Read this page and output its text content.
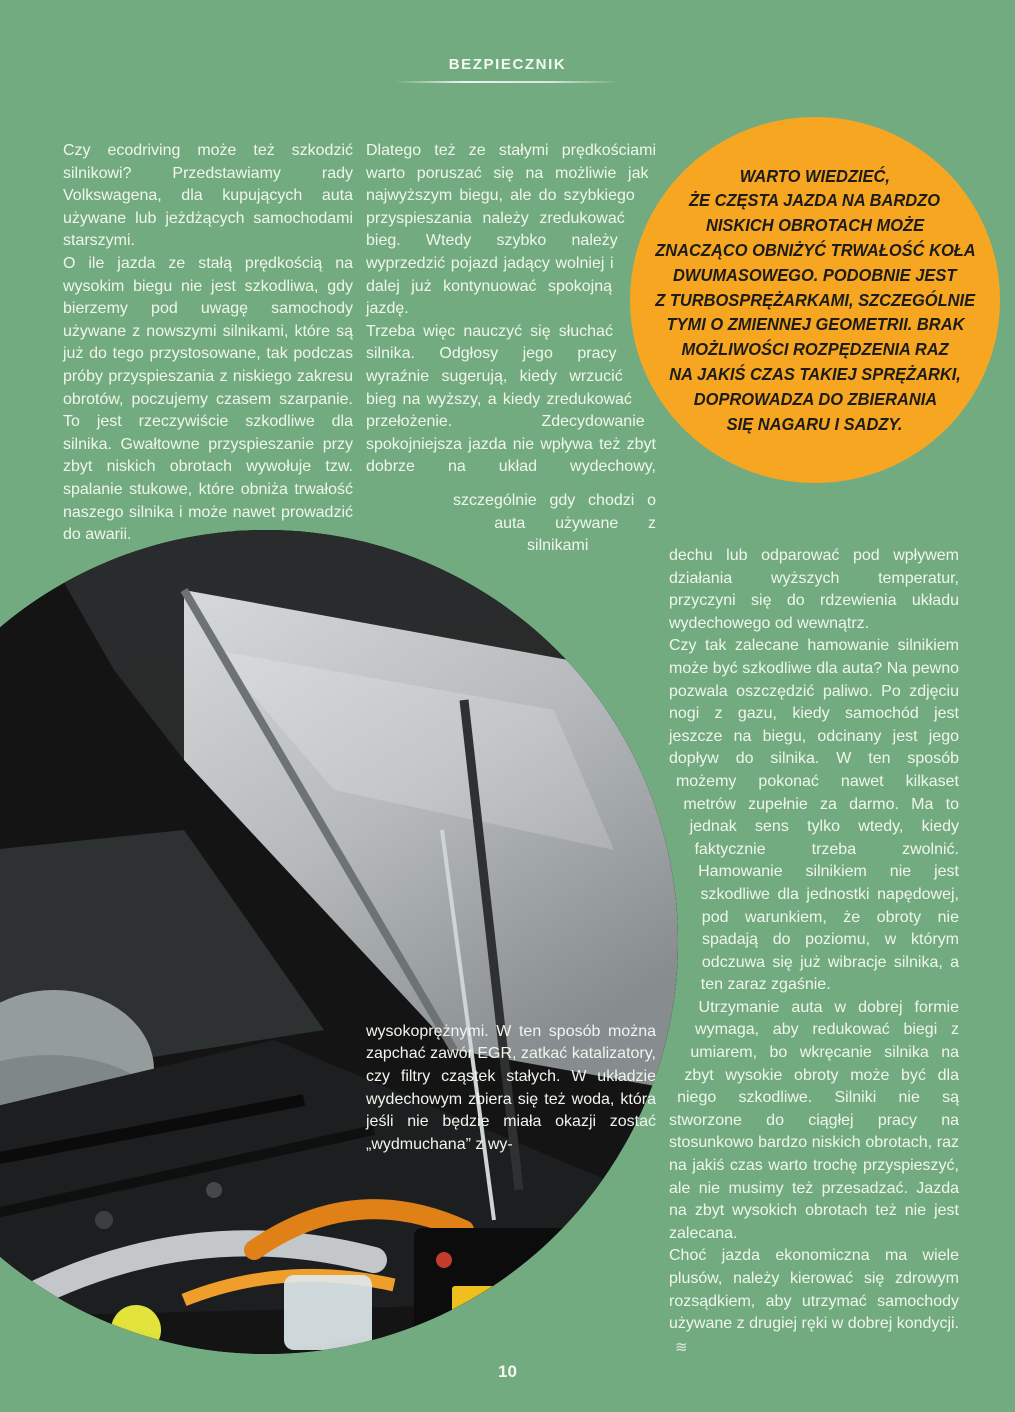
BEZPIECZNIK
WARTO WIEDZIEĆ,
ŻE CZĘSTA JAZDA NA BARDZO
NISKICH OBROTACH MOŻE
ZNACZĄCO OBNIŻYĆ TRWAŁOŚĆ KOŁA
DWUMASOWEGO. PODOBNIE JEST
Z TURBOSPRĘŻARKAMI, SZCZEGÓLNIE
TYMI O ZMIENNEJ GEOMETRII. BRAK
MOŻLIWOŚCI ROZPĘDZENIA RAZ
NA JAKIŚ CZAS TAKIEJ SPRĘŻARKI,
DOPROWADZA DO ZBIERANIA
SIĘ NAGARU I SADZY.

Czy ecodriving może też szkodzić silnikowi? Przedstawiamy rady Volkswagena, dla kupujących auta używane lub jeżdżących samochodami starszymi.

O ile jazda ze stałą prędkością na wysokim biegu nie jest szkodliwa, gdy bierzemy pod uwagę samochody używane z nowszymi silnikami, które są już do tego przystosowane, tak podczas próby przyspieszania z niskiego zakresu obrotów, poczujemy czasem szarpanie. To jest rzeczywiście szkodliwe dla silnika. Gwałtowne przyspieszanie przy zbyt niskich obrotach wywołuje tzw. spalanie stukowe, które obniża trwałość naszego silnika i może nawet prowadzić do awarii.

Dlatego też ze stałymi prędkościami warto poruszać się na możliwie jak najwyższym biegu, ale do szybkiego przyspieszania należy zredukować bieg. Wtedy szybko należy wyprzedzić pojazd jadący wolniej i dalej już kontynuować spokojną jazdę.

Trzeba więc nauczyć się słuchać silnika. Odgłosy jego pracy wyraźnie sugerują, kiedy wrzucić bieg na wyższy, a kiedy zredukować przełożenie. Zdecydowanie spokojniejsza jazda nie wpływa też zbyt dobrze na układ wydechowy, szczególnie gdy chodzi o auta używane z silnikami wysokoprężnymi. W ten sposób można zapchać zawór EGR, zatkać katalizatory, czy filtry cząstek stałych. W układzie wydechowym zbiera się też woda, która jeśli nie będzie miała okazji zostać „wydmuchana” z wy-

dechu lub odparować pod wpływem działania wyższych temperatur, przyczyni się do rdzewienia układu wydechowego od wewnątrz.

Czy tak zalecane hamowanie silnikiem może być szkodliwe dla auta? Na pewno pozwala oszczędzić paliwo. Po zdjęciu nogi z gazu, kiedy samochód jest jeszcze na biegu, odcinany jest jego dopływ do silnika. W ten sposób możemy pokonać nawet kilkaset metrów zupełnie za darmo. Ma to jednak sens tylko wtedy, kiedy faktycznie trzeba zwolnić. Hamowanie silnikiem nie jest szkodliwe dla jednostki napędowej, pod warunkiem, że obroty nie spadają do poziomu, w którym odczuwa się już wibracje silnika, a ten zaraz zgaśnie.

Utrzymanie auta w dobrej formie wymaga, aby redukować biegi z umiarem, bo wkręcanie silnika na zbyt wysokie obroty może być dla niego szkodliwe. Silniki nie są stworzone do ciągłej pracy na stosunkowo bardzo niskich obrotach, raz na jakiś czas warto trochę przyspieszyć, ale nie musimy też przesadzać. Jazda na zbyt wysokich obrotach też nie jest zalecana.

Choć jazda ekonomiczna ma wiele plusów, należy kierować się zdrowym rozsądkiem, aby utrzymać samochody używane z drugiej ręki w dobrej kondycji.≋

10
